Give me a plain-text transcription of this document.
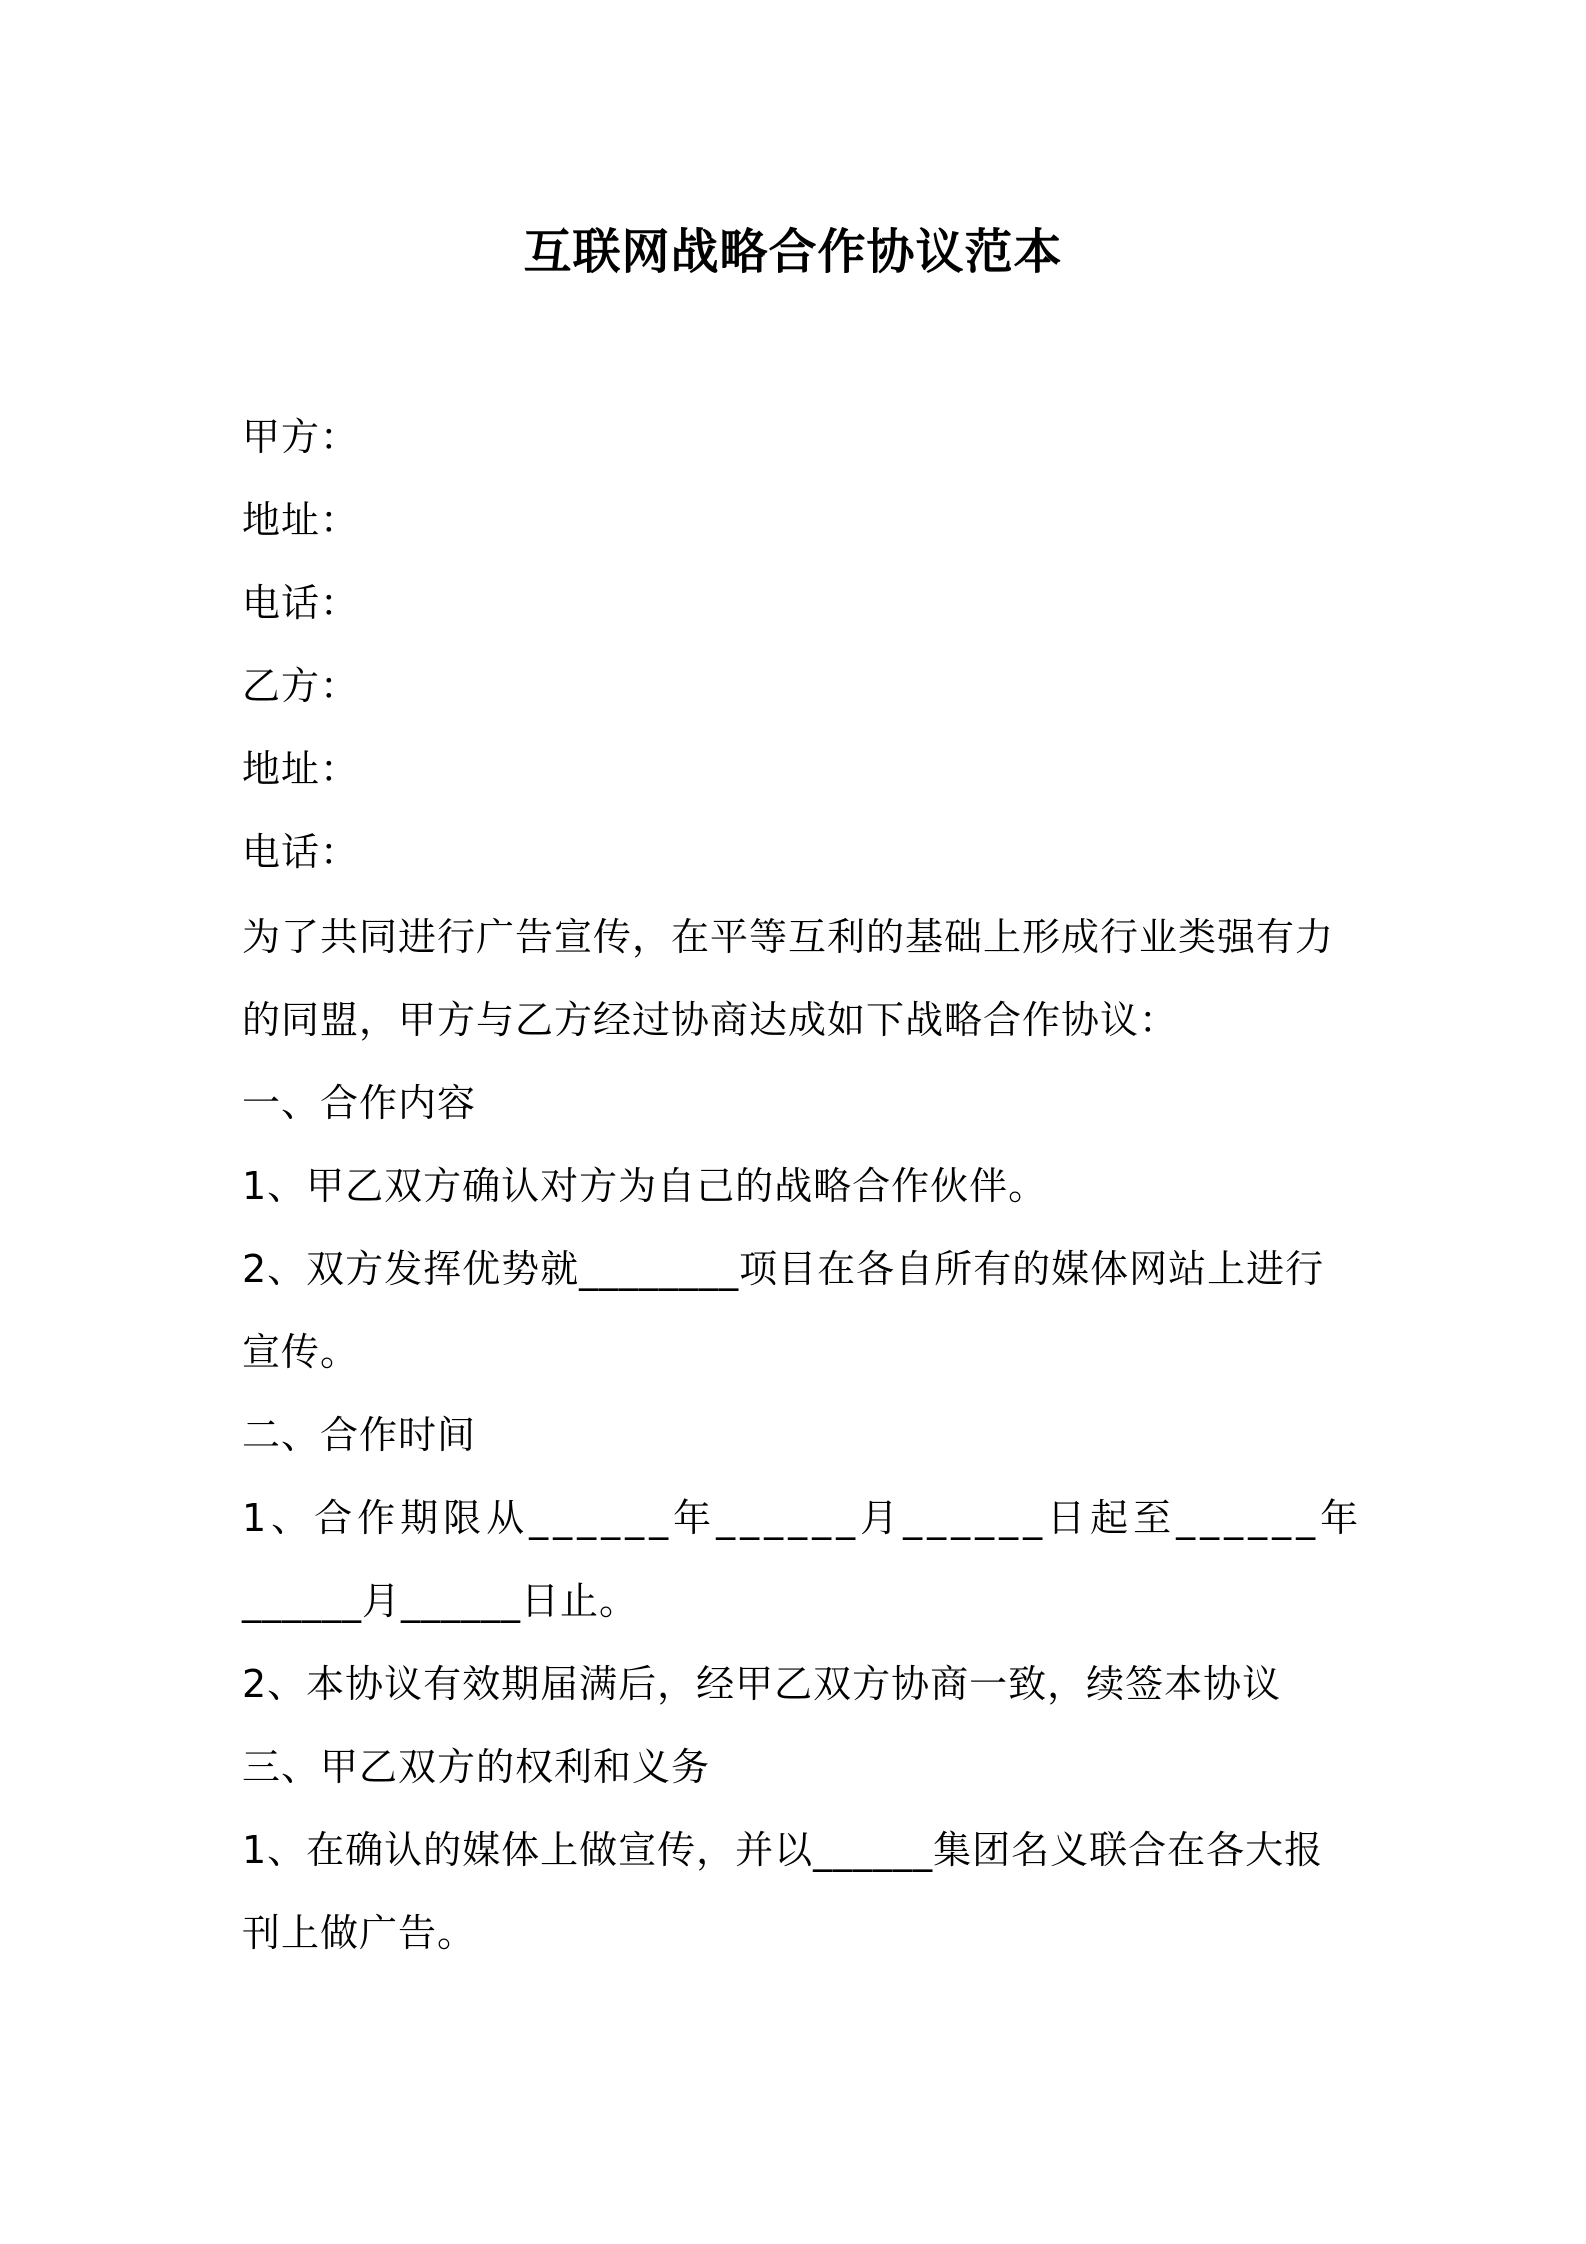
互联网战略合作协议范本
甲方：
地址：
电话：
乙方：
地址：
电话：
为了共同进行广告宣传，在平等互利的基础上形成行业类强有力
的同盟，甲方与乙方经过协商达成如下战略合作协议：
一、合作内容
1、甲乙双方确认对方为自己的战略合作伙伴。
2、双方发挥优势就________项目在各自所有的媒体网站上进行
宣传。
二、合作时间
1、合作期限从______年______月______日起至______年
______月______日止。
2、本协议有效期届满后，经甲乙双方协商一致，续签本协议
三、甲乙双方的权利和义务
1、在确认的媒体上做宣传，并以______集团名义联合在各大报
刊上做广告。
